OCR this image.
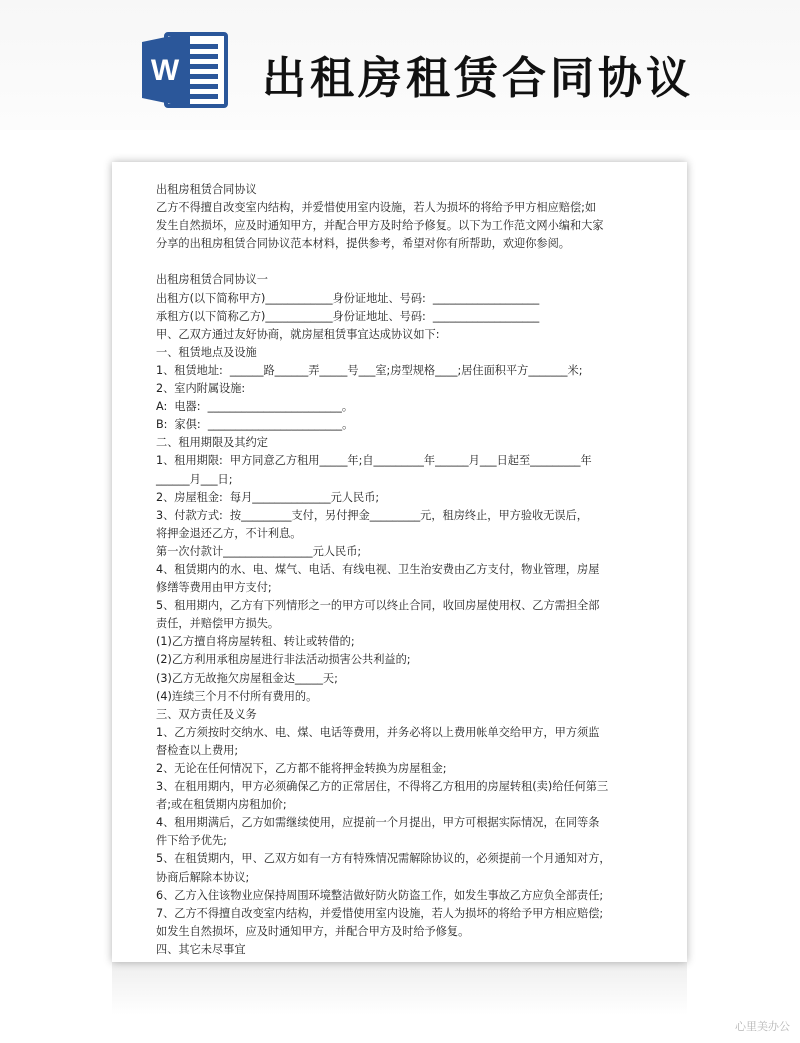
W 出租房租赁合同协议

出租房租赁合同协议

乙方不得擅自改变室内结构，并爱惜使用室内设施，若人为损坏的将给予甲方相应赔偿;如

发生自然损坏，应及时通知甲方，并配合甲方及时给予修复。以下为工作范文网小编和大家

分享的出租房租赁合同协议范本材料，提供参考，希望对你有所帮助，欢迎你参阅。

出租房租赁合同协议一

出租方(以下简称甲方)____________身份证地址、号码:  ___________________

承租方(以下简称乙方)____________身份证地址、号码:  ___________________

甲、乙双方通过友好协商，就房屋租赁事宜达成协议如下:

一、租赁地点及设施

1、租赁地址:  ______路______弄_____号___室;房型规格____;居住面积平方_______米;

2、室内附属设施:

A:  电器:  ________________________。

B:  家俱:  ________________________。

二、租用期限及其约定

1、租用期限:  甲方同意乙方租用_____年;自_________年______月___日起至_________年

______月___日;

2、房屋租金:  每月______________元人民币;

3、付款方式:  按_________支付，另付押金_________元，租房终止，甲方验收无误后，

将押金退还乙方，不计利息。

第一次付款计________________元人民币;

4、租赁期内的水、电、煤气、电话、有线电视、卫生治安费由乙方支付，物业管理，房屋

修缮等费用由甲方支付;

5、租用期内，乙方有下列情形之一的甲方可以终止合同，收回房屋使用权、乙方需担全部

责任，并赔偿甲方损失。

(1)乙方擅自将房屋转租、转让或转借的;

(2)乙方利用承租房屋进行非法活动损害公共利益的;

(3)乙方无故拖欠房屋租金达_____天;

(4)连续三个月不付所有费用的。

三、双方责任及义务

1、乙方须按时交纳水、电、煤、电话等费用，并务必将以上费用帐单交给甲方，甲方须监

督检查以上费用;

2、无论在任何情况下，乙方都不能将押金转换为房屋租金;

3、在租用期内，甲方必须确保乙方的正常居住，不得将乙方租用的房屋转租(卖)给任何第三

者;或在租赁期内房租加价;

4、租用期满后，乙方如需继续使用，应提前一个月提出，甲方可根据实际情况，在同等条

件下给予优先;

5、在租赁期内，甲、乙双方如有一方有特殊情况需解除协议的，必须提前一个月通知对方，

协商后解除本协议;

6、乙方入住该物业应保持周围环境整洁做好防火防盗工作，如发生事故乙方应负全部责任;

7、乙方不得擅自改变室内结构，并爱惜使用室内设施，若人为损坏的将给予甲方相应赔偿;

如发生自然损坏，应及时通知甲方，并配合甲方及时给予修复。

四、其它未尽事宜

心里美办公
